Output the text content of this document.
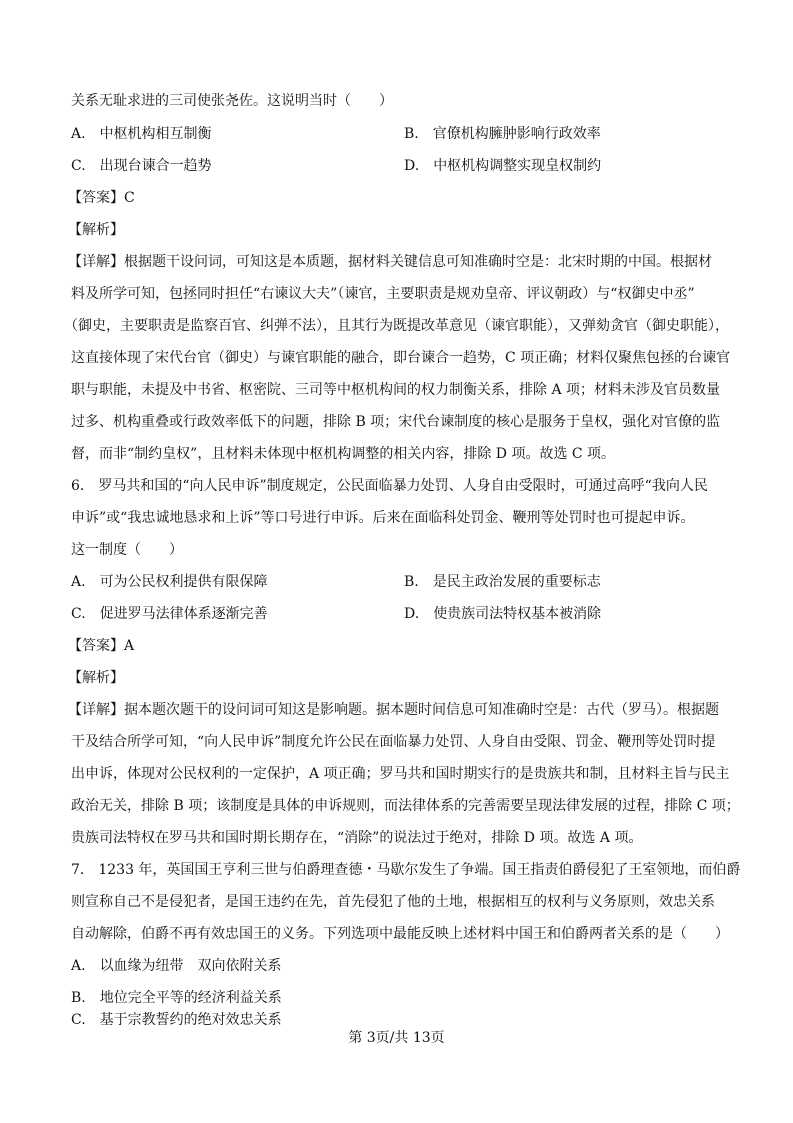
关系无耻求进的三司使张尧佐。这说明当时（　　）
A. 中枢机构相互制衡	B. 官僚机构臃肿影响行政效率
C. 出现台谏合一趋势	D. 中枢机构调整实现皇权制约
【答案】C
【解析】
【详解】根据题干设问词，可知这是本质题，据材料关键信息可知准确时空是：北宋时期的中国。根据材
料及所学可知，包拯同时担任“右谏议大夫”（谏官，主要职责是规劝皇帝、评议朝政）与“权御史中丞”
（御史，主要职责是监察百官、纠弹不法），且其行为既提改革意见（谏官职能），又弹劾贪官（御史职能），
这直接体现了宋代台官（御史）与谏官职能的融合，即台谏合一趋势，C 项正确；材料仅聚焦包拯的台谏官
职与职能，未提及中书省、枢密院、三司等中枢机构间的权力制衡关系，排除 A 项；材料未涉及官员数量
过多、机构重叠或行政效率低下的问题，排除 B 项；宋代台谏制度的核心是服务于皇权，强化对官僚的监
督，而非“制约皇权”，且材料未体现中枢机构调整的相关内容，排除 D 项。故选 C 项。
6.　罗马共和国的“向人民申诉”制度规定，公民面临暴力处罚、人身自由受限时，可通过高呼“我向人民
申诉”或“我忠诚地恳求和上诉”等口号进行申诉。后来在面临科处罚金、鞭刑等处罚时也可提起申诉。
这一制度（　　）
A. 可为公民权利提供有限保障	B. 是民主政治发展的重要标志
C. 促进罗马法律体系逐渐完善	D. 使贵族司法特权基本被消除
【答案】A
【解析】
【详解】据本题次题干的设问词可知这是影响题。据本题时间信息可知准确时空是：古代（罗马）。根据题
干及结合所学可知，“向人民申诉”制度允许公民在面临暴力处罚、人身自由受限、罚金、鞭刑等处罚时提
出申诉，体现对公民权利的一定保护，A 项正确；罗马共和国时期实行的是贵族共和制，且材料主旨与民主
政治无关，排除 B 项；该制度是具体的申诉规则，而法律体系的完善需要呈现法律发展的过程，排除 C 项；
贵族司法特权在罗马共和国时期长期存在，“消除”的说法过于绝对，排除 D 项。故选 A 项。
7.　1233 年，英国国王亨利三世与伯爵理查德・马歇尔发生了争端。国王指责伯爵侵犯了王室领地，而伯爵
则宣称自己不是侵犯者，是国王违约在先，首先侵犯了他的土地，根据相互的权利与义务原则，效忠关系
自动解除，伯爵不再有效忠国王的义务。下列选项中最能反映上述材料中国王和伯爵两者关系的是（　　）
A. 以血缘为纽带　双向依附关系
B. 地位完全平等的经济利益关系
C. 基于宗教誓约的绝对效忠关系
第 3页/共 13页
